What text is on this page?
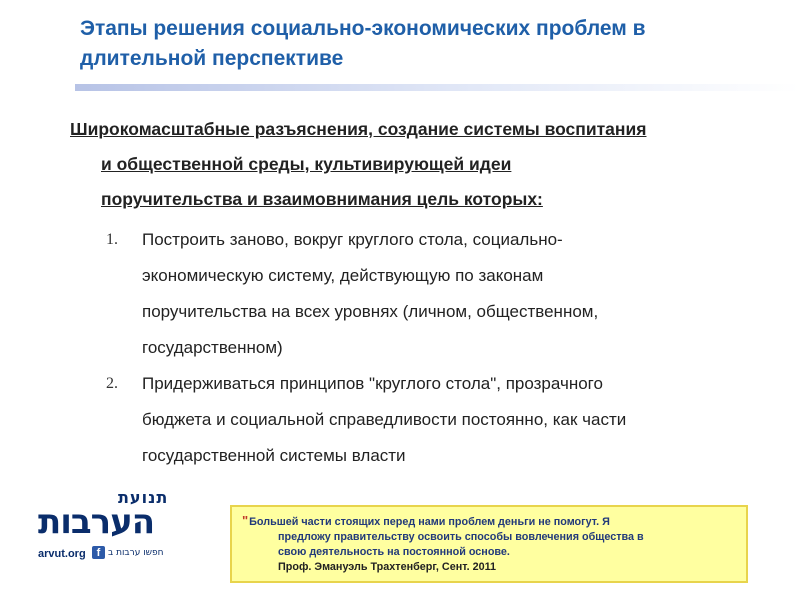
Этапы решения социально-экономических проблем в
длительной перспективе
Широкомасштабные разъяснения, создание системы воспитания
и общественной среды, культивирующей идеи
поручительства и взаимовнимания цель которых:
1. Построить заново, вокруг круглого стола, социально-
экономическую систему, действующую по законам
поручительства на всех уровнях (личном, общественном,
государственном)
2. Придерживаться принципов "круглого стола", прозрачного
бюджета и социальной справедливости постоянно, как части
государственной системы власти
תנועת
הערבות
arvut.org f חפשו ערבות ב
"Большей части стоящих перед нами проблем деньги не помогут. Я
предложу правительству освоить способы вовлечения общества в
свою деятельность на постоянной основе.
Проф. Эмануэль Трахтенберг, Сент. 2011
